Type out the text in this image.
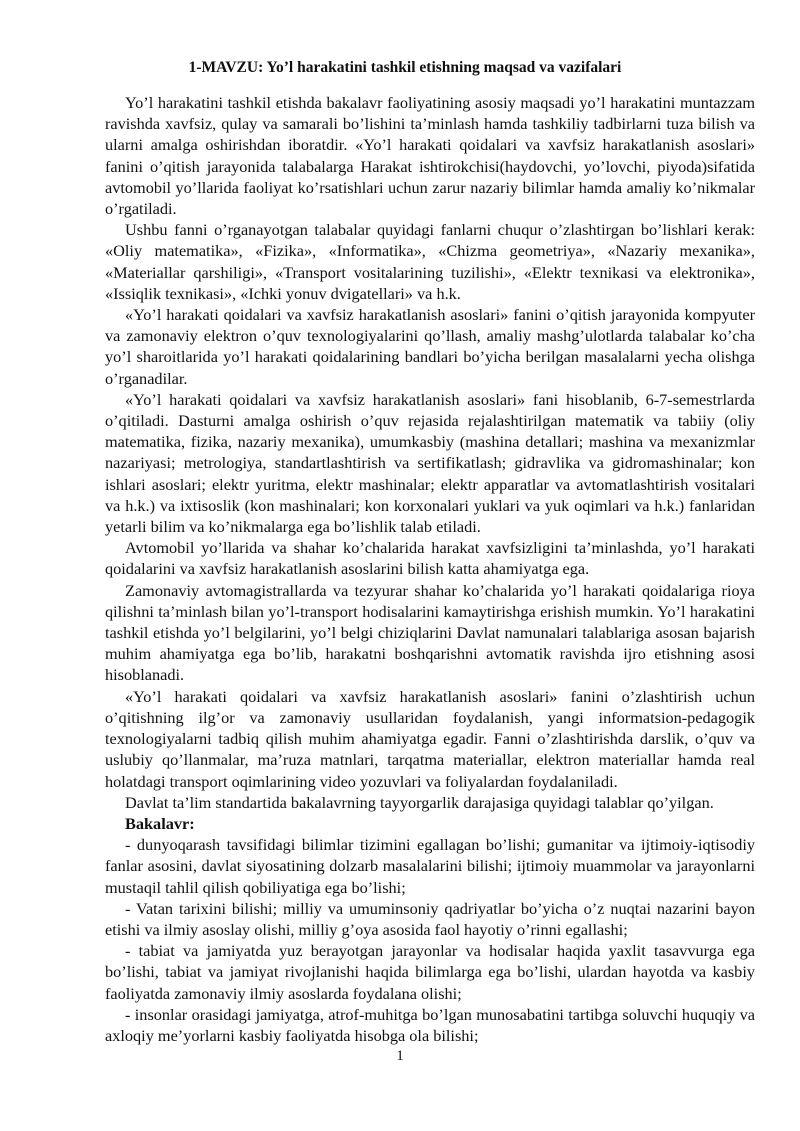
1-MAVZU: Yo’l harakatini tashkil etishning maqsad va vazifalari

Yo’l harakatini tashkil etishda bakalavr faoliyatining asosiy maqsadi yo’l harakatini muntazzam ravishda xavfsiz, qulay va samarali bo’lishini ta’minlash hamda tashkiliy tadbirlarni tuza bilish va ularni amalga oshirishdan iboratdir. «Yo’l harakati qoidalari va xavfsiz harakatlanish asoslari» fanini o’qitish jarayonida talabalarga Harakat ishtirokchisi(haydovchi, yo’lovchi, piyoda)sifatida avtomobil yo’llarida faoliyat ko’rsatishlari uchun zarur nazariy bilimlar hamda amaliy ko’nikmalar o’rgatiladi.

Ushbu fanni o’rganayotgan talabalar quyidagi fanlarni chuqur o’zlashtirgan bo’lishlari kerak: «Oliy matematika», «Fizika», «Informatika», «Chizma geometriya», «Nazariy mexanika», «Materiallar qarshiligi», «Transport vositalarining tuzilishi», «Elektr texnikasi va elektronika», «Issiqlik texnikasi», «Ichki yonuv dvigatellari» va h.k.

«Yo’l harakati qoidalari va xavfsiz harakatlanish asoslari» fanini o’qitish jarayonida kompyuter va zamonaviy elektron o’quv texnologiyalarini qo’llash, amaliy mashg’ulotlarda talabalar ko’cha yo’l sharoitlarida yo’l harakati qoidalarining bandlari bo’yicha berilgan masalalarni yecha olishga o’rganadilar.

«Yo’l harakati qoidalari va xavfsiz harakatlanish asoslari» fani hisoblanib, 6-7-semestrlarda o’qitiladi. Dasturni amalga oshirish o’quv rejasida rejalashtirilgan matematik va tabiiy (oliy matematika, fizika, nazariy mexanika), umumkasbiy (mashina detallari; mashina va mexanizmlar nazariyasi; metrologiya, standartlashtirish va sertifikatlash; gidravlika va gidromashinalar; kon ishlari asoslari; elektr yuritma, elektr mashinalar; elektr apparatlar va avtomatlashtirish vositalari va h.k.) va ixtisoslik (kon mashinalari; kon korxonalari yuklari va yuk oqimlari va h.k.) fanlaridan yetarli bilim va ko’nikmalarga ega bo’lishlik talab etiladi.

Avtomobil yo’llarida va shahar ko’chalarida harakat xavfsizligini ta’minlashda, yo’l harakati qoidalarini va xavfsiz harakatlanish asoslarini bilish katta ahamiyatga ega.

Zamonaviy avtomagistrallarda va tezyurar shahar ko’chalarida yo’l harakati qoidalariga rioya qilishni ta’minlash bilan yo’l-transport hodisalarini kamaytirishga erishish mumkin. Yo’l harakatini tashkil etishda yo’l belgilarini, yo’l belgi chiziqlarini Davlat namunalari talablariga asosan bajarish muhim ahamiyatga ega bo’lib, harakatni boshqarishni avtomatik ravishda ijro etishning asosi hisoblanadi.

«Yo’l harakati qoidalari va xavfsiz harakatlanish asoslari» fanini o’zlashtirish uchun o’qitishning ilg’or va zamonaviy usullaridan foydalanish, yangi informatsion-pedagogik texnologiyalarni tadbiq qilish muhim ahamiyatga egadir. Fanni o’zlashtirishda darslik, o’quv va uslubiy qo’llanmalar, ma’ruza matnlari, tarqatma materiallar, elektron materiallar hamda real holatdagi transport oqimlarining video yozuvlari va foliyalardan foydalaniladi.

Davlat ta’lim standartida bakalavrning tayyorgarlik darajasiga quyidagi talablar qo’yilgan.

Bakalavr:

- dunyoqarash tavsifidagi bilimlar tizimini egallagan bo’lishi; gumanitar va ijtimoiy-iqtisodiy fanlar asosini, davlat siyosatining dolzarb masalalarini bilishi; ijtimoiy muammolar va jarayonlarni mustaqil tahlil qilish qobiliyatiga ega bo’lishi;

- Vatan tarixini bilishi; milliy va umuminsoniy qadriyatlar bo’yicha o’z nuqtai nazarini bayon etishi va ilmiy asoslay olishi, milliy g’oya asosida faol hayotiy o’rinni egallashi;

- tabiat va jamiyatda yuz berayotgan jarayonlar va hodisalar haqida yaxlit tasavvurga ega bo’lishi, tabiat va jamiyat rivojlanishi haqida bilimlarga ega bo’lishi, ulardan hayotda va kasbiy faoliyatda zamonaviy ilmiy asoslarda foydalana olishi;

- insonlar orasidagi jamiyatga, atrof-muhitga bo’lgan munosabatini tartibga soluvchi huquqiy va axloqiy me’yorlarni kasbiy faoliyatda hisobga ola bilishi;

1
